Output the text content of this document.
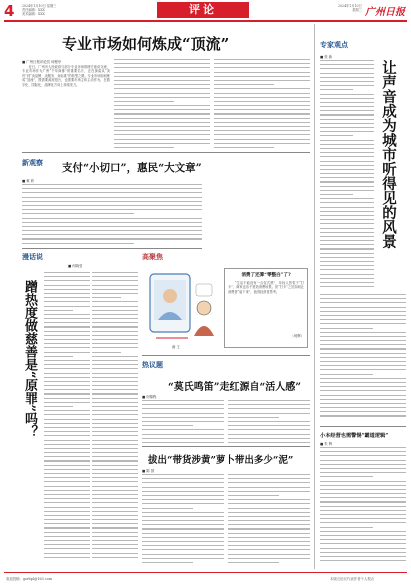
4 2024年1月10日 星期三
责任编辑：XXX
美术编辑：XXX	评论	2024年1月10日
星期三 广州日报
专业市场如何炼成“顶流”
■ 广州日报评论员 何程序
　　近日，广州市人民政府与部分专业市场管理方座谈交流，专业市场作为广州“千年商都”的重要名片，正在探索从“卖货”到“卖品牌、卖服务、卖标准”的转型之路。专业市场如何炼成“顶流”，既需要政府搭台，也需要市场主体主动作为，在数字化、国际化、品牌化方向上持续发力。
新观察 支付“小切口”，惠民“大文章”
■ 黄 欣
漫话说
■ 何晓莹
蹭热度做慈善是“原罪”吗？
高聚焦
画 王
消费了还算“零整白”了?
　　“生活不能没有一点仪式感”，年轻人热衷于“打卡”，商家也乐于营造消费场景。但“打卡”之后如何让消费者“留下来”，值得经营者思考。
（何辉）
热议题
“莫氏鸣笛”走红源自“活人感”
■ 何锦程
拔出“带货涉黄”萝卜带出多少“泥”
■ 陈 国
专家观点
让声音成为城市听得见的风景
■ 张 新
小本经营也需警惕“霸道逻辑”
■ 朱 辉
欢迎投稿：gzrbpl@163.com	本版言论仅代表作者个人观点
